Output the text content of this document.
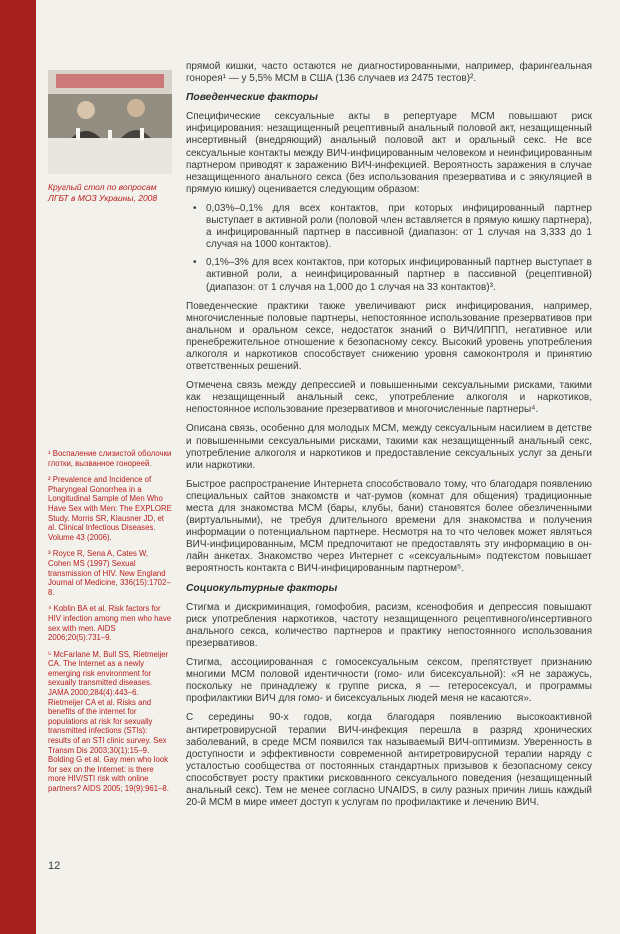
Круглый стол по вопросам ЛГБТ в МОЗ Украины, 2008

¹ Воспаление слизистой оболочки глотки, вызванное гонореей.

² Prevalence and Incidence of Pharyngeal Gonorrhea in a Longitudinal Sample of Men Who Have Sex with Men: The EXPLORE Study. Morris SR, Klausner JD, et al. Clinical Infectious Diseases. Volume 43 (2006).

³ Royce R, Sena A, Cates W, Cohen MS (1997) Sexual transmission of HIV. New England Journal of Medicine, 336(15):1702–8.

⁴ Koblin BA et al. Risk factors for HIV infection among men who have sex with men. AIDS 2006;20(5):731–9.

⁵ McFarlane M, Bull SS, Rietmeijer CA. The Internet as a newly emerging risk environment for sexually transmitted diseases. JAMA 2000;284(4):443–6. Rietmeijer CA et al. Risks and benefits of the internet for populations at risk for sexually transmitted infections (STIs): results of an STI clinic survey. Sex Transm Dis 2003;30(1):15–9. Bolding G et al. Gay men who look for sex on the Internet: is there more HIV/STI risk with online partners? AIDS 2005; 19(9):961–8.

12

прямой кишки, часто остаются не диагностированными, например, фарингеальная гонорея¹ — у 5,5% МСМ в США (136 случаев из 2475 тестов)².

Поведенческие факторы

Специфические сексуальные акты в репертуаре МСМ повышают риск инфицирования: незащищенный рецептивный анальный половой акт, незащищенный инсертивный (внедряющий) анальный половой акт и оральный секс. Не все сексуальные контакты между ВИЧ-инфицированным человеком и неинфицированным партнером приводят к заражению ВИЧ-инфекцией. Вероятность заражения в случае незащищенного анального секса (без использования презерватива и с эякуляцией в прямую кишку) оценивается следующим образом:

• 0,03%–0,1% для всех контактов, при которых инфицированный партнер выступает в активной роли (половой член вставляется в прямую кишку партнера), а инфицированный партнер в пассивной (диапазон: от 1 случая на 3,333 до 1 случая на 1000 контактов).
• 0,1%–3% для всех контактов, при которых инфицированный партнер выступает в активной роли, а неинфицированный партнер в пассивной (рецептивной) (диапазон: от 1 случая на 1,000 до 1 случая на 33 контактов)³.

Поведенческие практики также увеличивают риск инфицирования, например, многочисленные половые партнеры, непостоянное использование презервативов при анальном и оральном сексе, недостаток знаний о ВИЧ/ИППП, негативное или пренебрежительное отношение к безопасному сексу. Высокий уровень употребления алкоголя и наркотиков способствует снижению уровня самоконтроля и принятию ответственных решений.

Отмечена связь между депрессией и повышенными сексуальными рисками, такими как незащищенный анальный секс, употребление алкоголя и наркотиков, непостоянное использование презервативов и многочисленные партнеры⁴.

Описана связь, особенно для молодых МСМ, между сексуальным насилием в детстве и повышенными сексуальными рисками, такими как незащищенный анальный секс, употребление алкоголя и наркотиков и предоставление сексуальных услуг за деньги или наркотики.

Быстрое распространение Интернета способствовало тому, что благодаря появлению специальных сайтов знакомств и чат-румов (комнат для общения) традиционные места для знакомства МСМ (бары, клубы, бани) становятся более обезличенными (виртуальными), не требуя длительного времени для знакомства и получения информации о потенциальном партнере. Несмотря на то что человек может являться ВИЧ-инфицированным, МСМ предпочитают не предоставлять эту информацию в он-лайн анкетах. Знакомство через Интернет с «сексуальным» подтекстом повышает вероятность контакта с ВИЧ-инфицированным партнером⁵.

Социокультурные факторы

Стигма и дискриминация, гомофобия, расизм, ксенофобия и депрессия повышают риск употребления наркотиков, частоту незащищенного рецептивного/инсертивного анального секса, количество партнеров и практику непостоянного использования презервативов.

Стигма, ассоциированная с гомосексуальным сексом, препятствует признанию многими МСМ половой идентичности (гомо- или бисексуальной): «Я не заражусь, поскольку не принадлежу к группе риска, я — гетеросексуал, и программы профилактики ВИЧ для гомо- и бисексуальных людей меня не касаются».

С середины 90-х годов, когда благодаря появлению высокоактивной антиретровирусной терапии ВИЧ-инфекция перешла в разряд хронических заболеваний, в среде МСМ появился так называемый ВИЧ-оптимизм. Уверенность в доступности и эффективности современной антиретровирусной терапии наряду с усталостью сообщества от постоянных стандартных призывов к безопасному сексу способствует росту практики рискованного сексуального поведения (незащищенный анальный секс). Тем не менее согласно UNAIDS, в силу разных причин лишь каждый 20-й МСМ в мире имеет доступ к услугам по профилактике и лечению ВИЧ.
